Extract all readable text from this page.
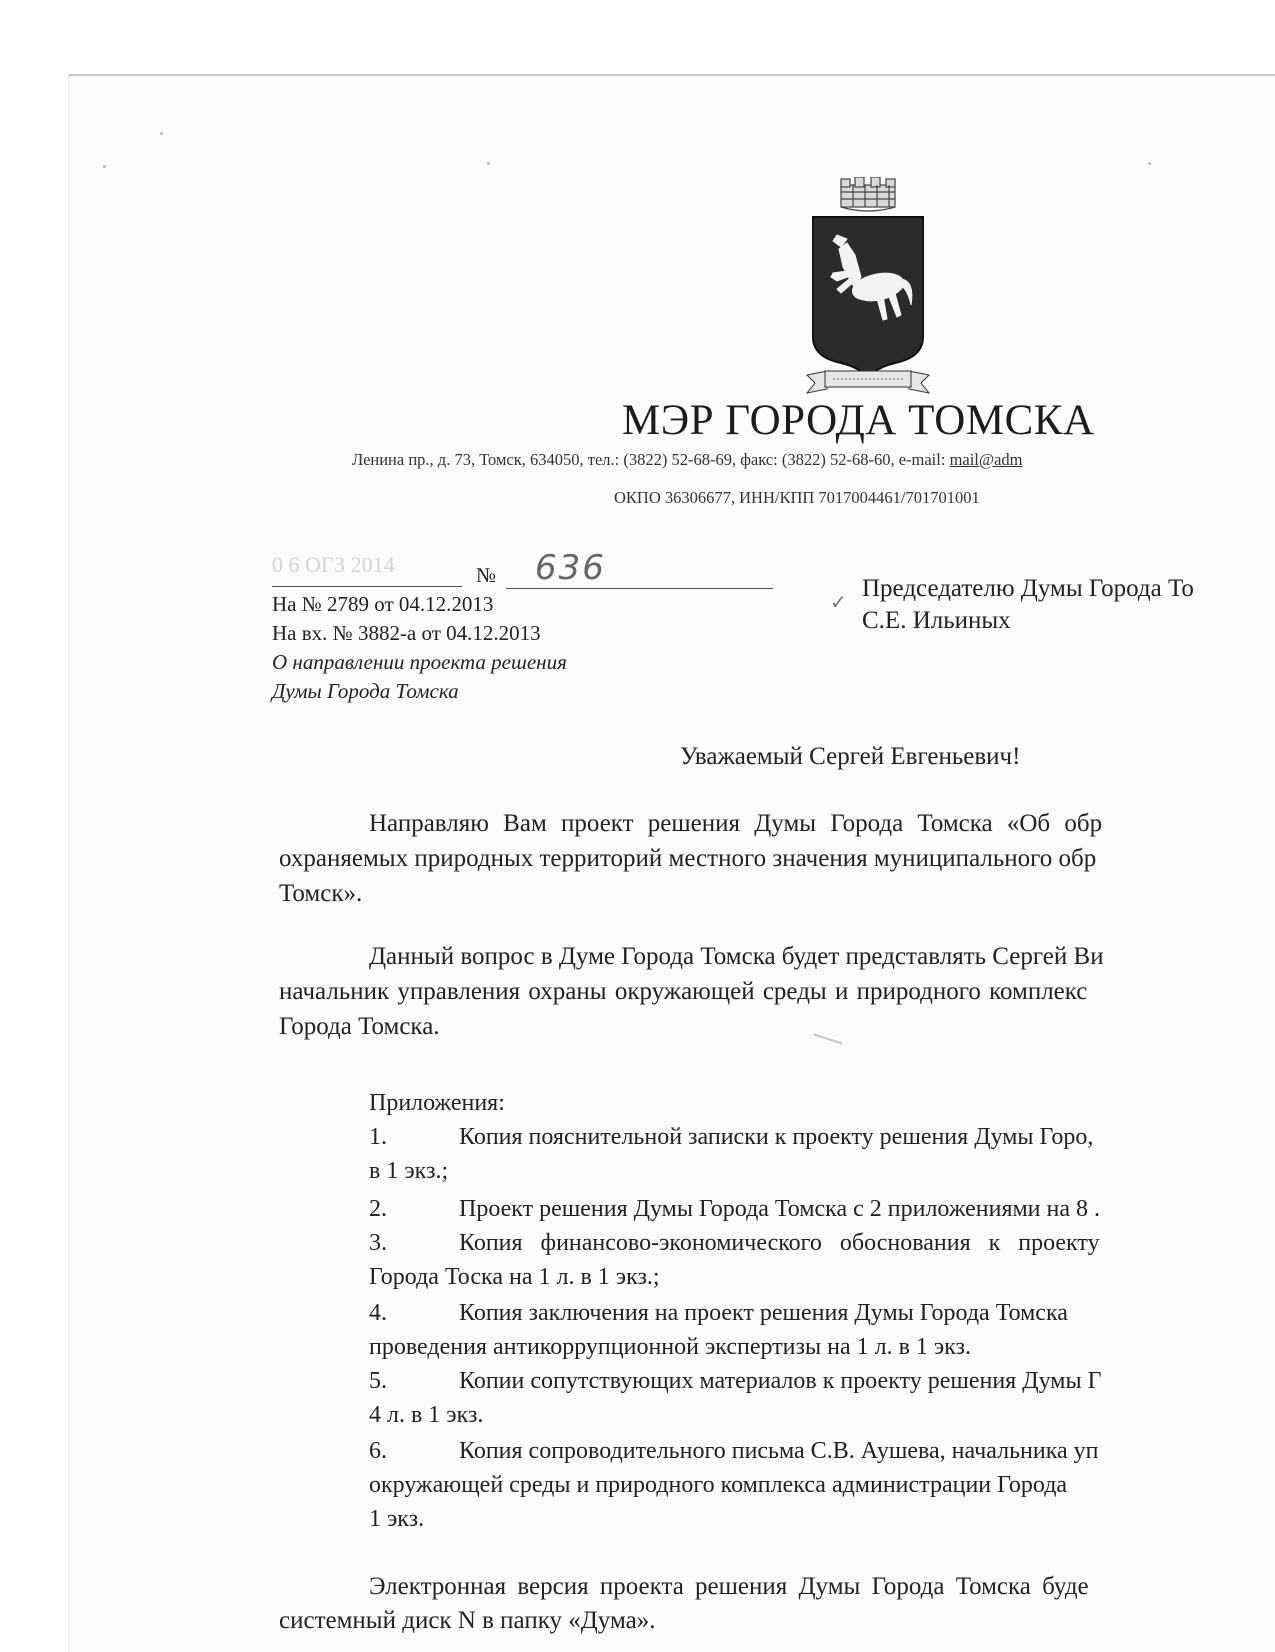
МЭР ГОРОДА ТОМСКА
Ленина пр., д. 73, Томск, 634050, тел.: (3822) 52-68-69, факс: (3822) 52-68-60, e-mail: mail@adm
ОКПО 36306677, ИНН/КПП 7017004461/701701001
0 6 ОГЗ 2014	№ 636
На № 2789 от 04.12.2013
На вх. № 3882-а от 04.12.2013
О направлении проекта решения
Думы Города Томска
✓ Председателю Думы Города То
С.Е. Ильиных
Уважаемый Сергей Евгеньевич!
Направляю Вам проект решения Думы Города Томска «Об обр
охраняемых природных территорий местного значения муниципального обр
Томск».
Данный вопрос в Думе Города Томска будет представлять Сергей Ви
начальник управления охраны окружающей среды и природного комплекс
Города Томска.
Приложения:
1.	Копия пояснительной записки к проекту решения Думы Горо,
в 1 экз.;
2.	Проект решения Думы Города Томска с 2 приложениями на 8 .
3.	Копия финансово-экономического обоснования к проекту
Города Тоска на 1 л. в 1 экз.;
4.	Копия заключения на проект решения Думы Города Томска
проведения антикоррупционной экспертизы на 1 л. в 1 экз.
5.	Копии сопутствующих материалов к проекту решения Думы Г
4 л. в 1 экз.
6.	Копия сопроводительного письма С.В. Аушева, начальника уп
окружающей среды и природного комплекса администрации Города
1 экз.
Электронная версия проекта решения Думы Города Томска буде
системный диск N в папку «Дума».
